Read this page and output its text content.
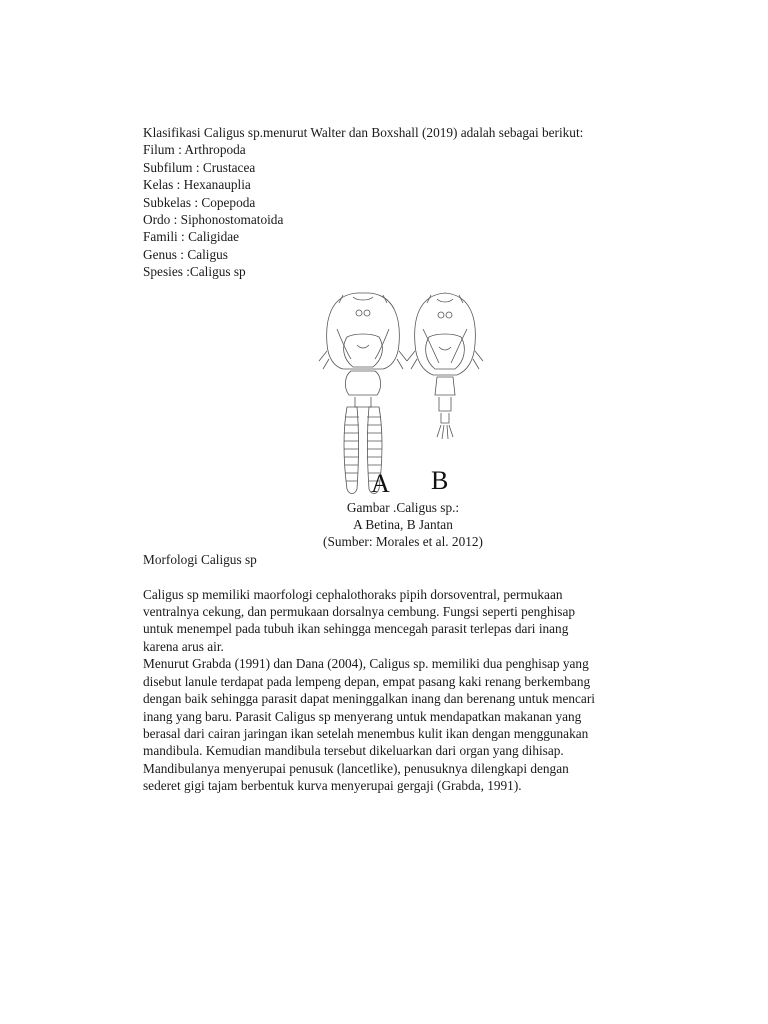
Klasifikasi Caligus sp.menurut Walter dan Boxshall (2019) adalah sebagai berikut:
Filum : Arthropoda
Subfilum : Crustacea
Kelas : Hexanauplia
Subkelas : Copepoda
Ordo : Siphonostomatoida
Famili : Caligidae
Genus : Caligus
Spesies :Caligus sp
A B
Gambar .Caligus sp.:
A Betina, B Jantan
(Sumber: Morales et al. 2012)
Morfologi Caligus sp
Caligus sp memiliki maorfologi cephalothoraks pipih dorsoventral, permukaan
ventralnya cekung, dan permukaan dorsalnya cembung. Fungsi seperti penghisap
untuk menempel pada tubuh ikan sehingga mencegah parasit terlepas dari inang
karena arus air.
Menurut Grabda (1991) dan Dana (2004), Caligus sp. memiliki dua penghisap yang
disebut lanule terdapat pada lempeng depan, empat pasang kaki renang berkembang
dengan baik sehingga parasit dapat meninggalkan inang dan berenang untuk mencari
inang yang baru. Parasit Caligus sp menyerang untuk mendapatkan makanan yang
berasal dari cairan jaringan ikan setelah menembus kulit ikan dengan menggunakan
mandibula. Kemudian mandibula tersebut dikeluarkan dari organ yang dihisap.
Mandibulanya menyerupai penusuk (lancetlike), penusuknya dilengkapi dengan
sederet gigi tajam berbentuk kurva menyerupai gergaji (Grabda, 1991).
